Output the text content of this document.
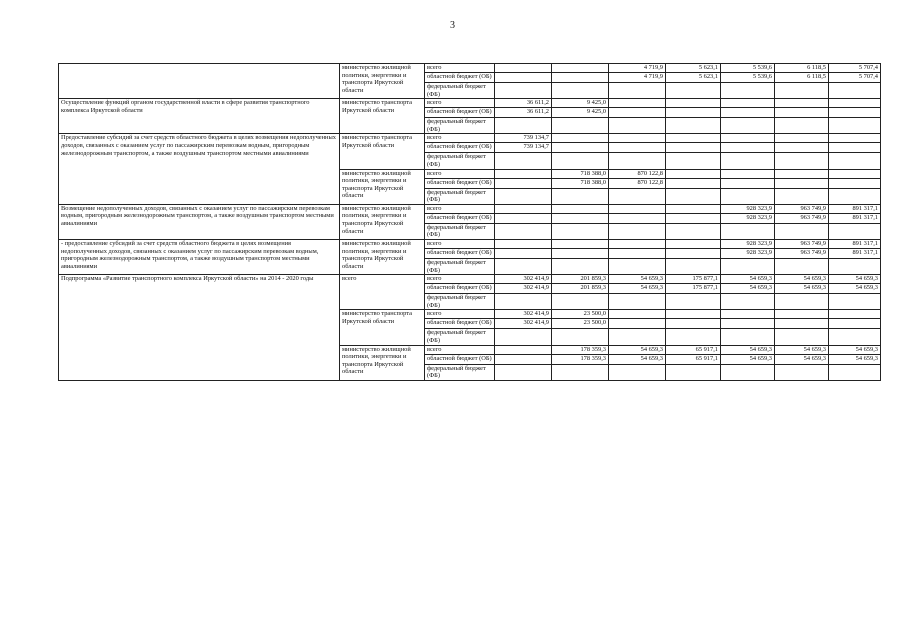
3
	министерство жилищной политики, энергетики и транспорта Иркутской области	всего			4 719,9	5 623,1	5 539,6	6 118,5	5 707,4	
		областной бюджет (ОБ)			4 719,9	5 623,1	5 539,6	6 118,5	5 707,4	
		федеральный бюджет (ФБ)								
Осуществление функций органом государственной власти в сфере развития транспортного комплекса Иркутской области	министерство транспорта Иркутской области	всего	36 611,2	9 425,0						
		областной бюджет (ОБ)	36 611,2	9 425,0						
		федеральный бюджет (ФБ)								
Предоставление субсидий за счет средств областного бюджета в целях возмещения недополученных доходов, связанных с оказанием услуг по пассажирским перевозкам водным, пригородным железнодорожным транспортом, а также воздушным транспортом местными авиалиниями	министерство транспорта Иркутской области	всего	739 134,7							
		областной бюджет (ОБ)	739 134,7							
		федеральный бюджет (ФБ)								
	министерство жилищной политики, энергетики и транспорта Иркутской области	всего		718 388,0	870 122,8					
		областной бюджет (ОБ)		718 388,0	870 122,8					
		федеральный бюджет (ФБ)								
Возмещение недополученных доходов, связанных с оказанием услуг по пассажирским перевозкам водным, пригородным железнодорожным транспортом, а также воздушным транспортом местными авиалиниями	министерство жилищной политики, энергетики и транспорта Иркутской области	всего					928 323,9	963 749,9	891 317,1	
		областной бюджет (ОБ)					928 323,9	963 749,9	891 317,1	
		федеральный бюджет (ФБ)								
- предоставление субсидий за счет средств областного бюджета в целях возмещения недополученных доходов, связанных с оказанием услуг по пассажирским перевозкам водным, пригородным железнодорожным транспортом, а также воздушным транспортом местными авиалиниями	министерство жилищной политики, энергетики и транспорта Иркутской области	всего					928 323,9	963 749,9	891 317,1	
		областной бюджет (ОБ)					928 323,9	963 749,9	891 317,1	
		федеральный бюджет (ФБ)								
Подпрограмма «Развитие транспортного комплекса Иркутской области» на 2014 - 2020 годы	всего	всего	302 414,9	201 859,3	54 659,3	175 877,1	54 659,3	54 659,3	54 659,3	
		областной бюджет (ОБ)	302 414,9	201 859,3	54 659,3	175 877,1	54 659,3	54 659,3	54 659,3	
		федеральный бюджет (ФБ)								
	министерство транспорта Иркутской области	всего	302 414,9	23 500,0						
		областной бюджет (ОБ)	302 414,9	23 500,0						
		федеральный бюджет (ФБ)								
	министерство жилищной политики, энергетики и транспорта Иркутской области	всего		178 359,3	54 659,3	65 917,1	54 659,3	54 659,3	54 659,3	
		областной бюджет (ОБ)		178 359,3	54 659,3	65 917,1	54 659,3	54 659,3	54 659,3	
		федеральный бюджет (ФБ)								
